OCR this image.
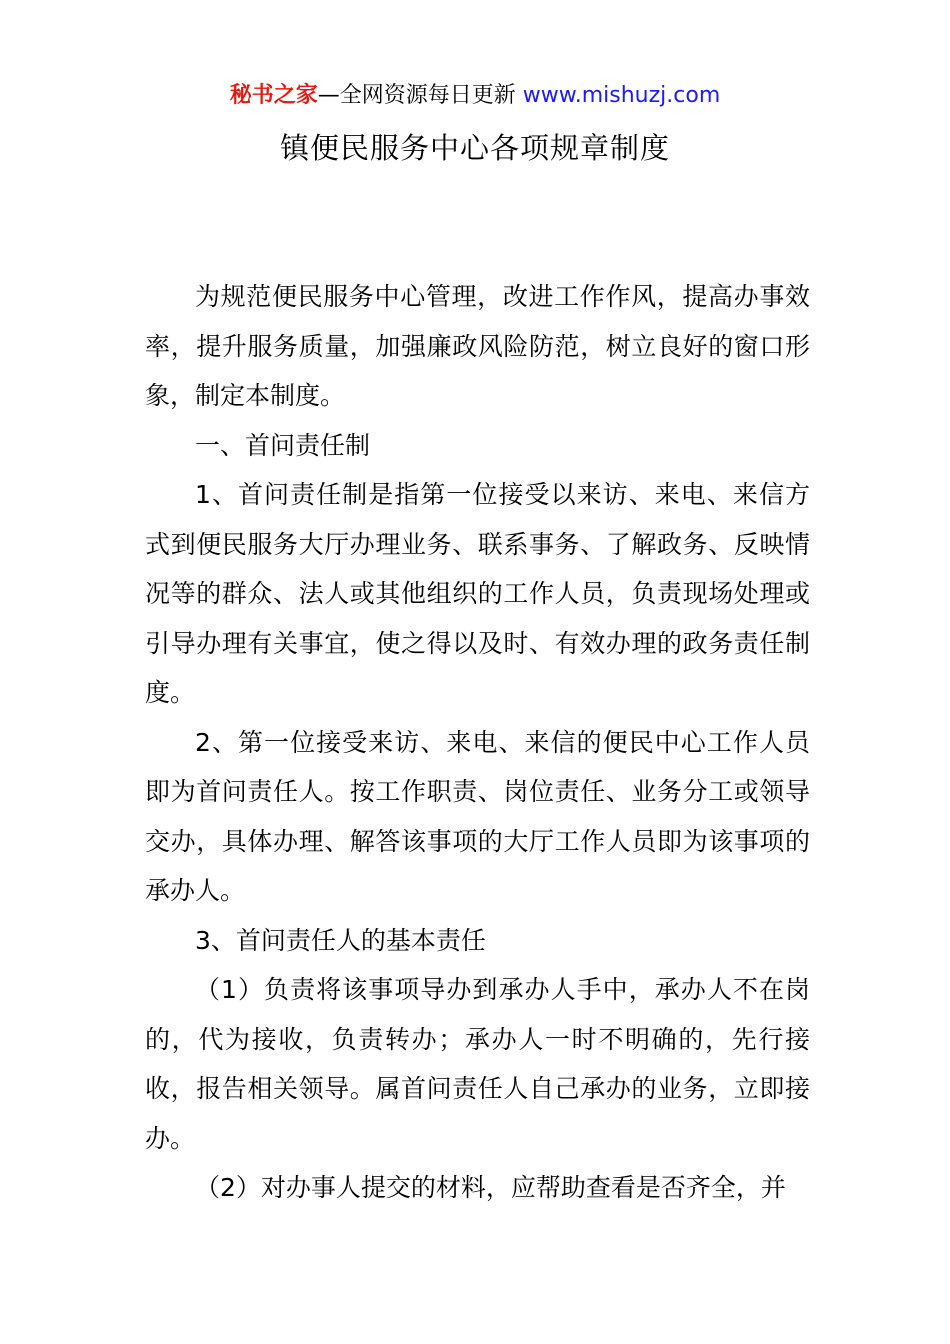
秘书之家—全网资源每日更新 www.mishuzj.com
镇便民服务中心各项规章制度

为规范便民服务中心管理，改进工作作风，提高办事效率，提升服务质量，加强廉政风险防范，树立良好的窗口形象，制定本制度。

一、首问责任制

1、首问责任制是指第一位接受以来访、来电、来信方式到便民服务大厅办理业务、联系事务、了解政务、反映情况等的群众、法人或其他组织的工作人员，负责现场处理或引导办理有关事宜，使之得以及时、有效办理的政务责任制度。

2、第一位接受来访、来电、来信的便民中心工作人员即为首问责任人。按工作职责、岗位责任、业务分工或领导交办，具体办理、解答该事项的大厅工作人员即为该事项的承办人。

3、首问责任人的基本责任

（1）负责将该事项导办到承办人手中，承办人不在岗的，代为接收，负责转办；承办人一时不明确的，先行接收，报告相关领导。属首问责任人自己承办的业务，立即接办。

（2）对办事人提交的材料，应帮助查看是否齐全，并
